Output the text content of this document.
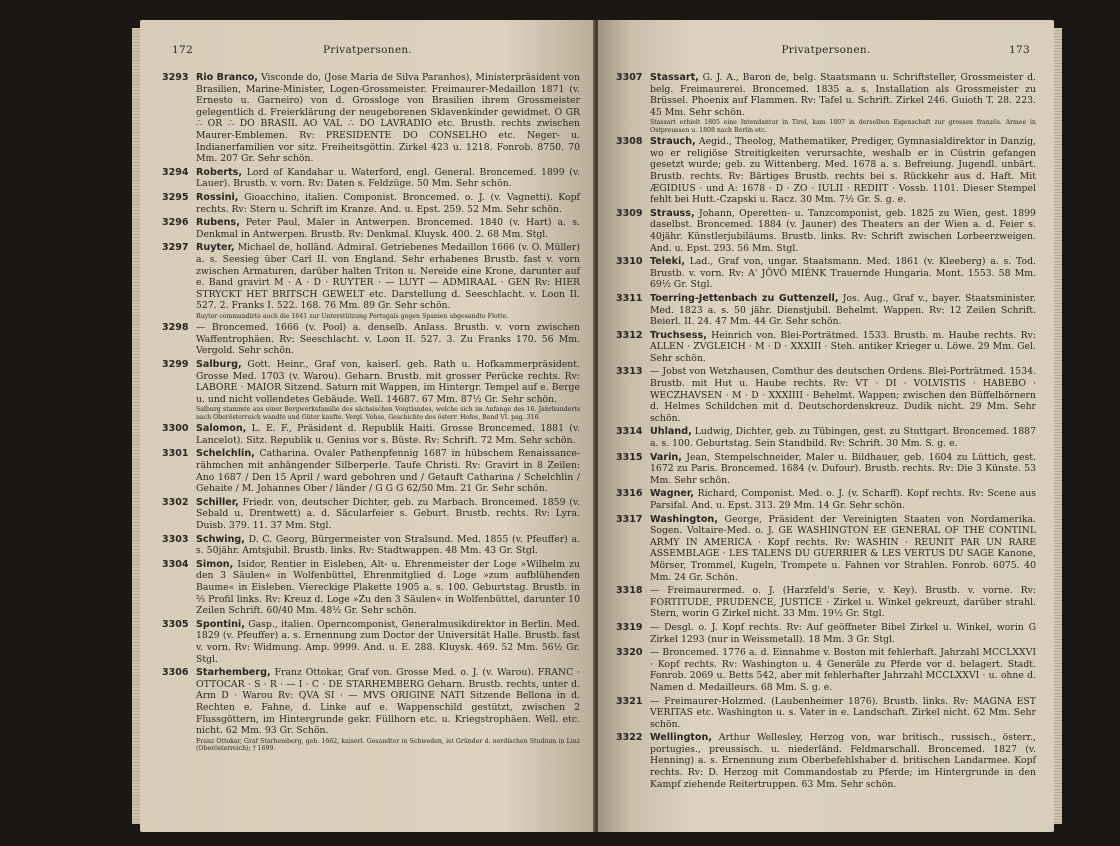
172	Privatpersonen.
3293 Rio Branco, Visconde do, (Jose Maria de Silva Paranhos), Ministerpräsident von Brasilien, Marine-Minister, Logen-Grossmeister. Freimaurer-Medaillon 1871 (v. Ernesto u. Garneiro) von d. Grossloge von Brasilien ihrem Grossmeister gelegentlich d. Freierklärung der neugeborenen Sklavenkinder gewidmet. O GR ∴ OR ∴ DO BRASIL AO VAL ∴ DO LAVRADIO etc. Brustb. rechts zwischen Maurer-Emblemen. Rv: PRESIDENTE DO CONSELHO etc. Neger- u. Indianerfamilien vor sitz. Freiheitsgöttin. Zirkel 423 u. 1218. Fonrob. 8750. 70 Mm. 207 Gr. Sehr schön.
3294 Roberts, Lord of Kandahar u. Waterford, engl. General. Broncemed. 1899 (v. Lauer). Brustb. v. vorn. Rv: Daten s. Feldzüge. 50 Mm. Sehr schön.
3295 Rossini, Gioacchino, italien. Componist. Broncemed. o. J. (v. Vagnetti). Kopf rechts. Rv: Stern u. Schrift im Kranze. And. u. Epst. 259. 52 Mm. Sehr schön.
3296 Rubens, Peter Paul, Maler in Antwerpen. Broncemed. 1840 (v. Hart) a. s. Denkmal in Antwerpen. Brustb. Rv: Denkmal. Kluysk. 400. 2. 68 Mm. Stgl.
3297 Ruyter, Michael de, holländ. Admiral. Getriebenes Medaillon 1666 (v. O. Müller) a. s. Seesieg über Carl II. von England. Sehr erhabenes Brustb. fast v. vorn zwischen Armaturen, darüber halten Triton u. Nereide eine Krone, darunter auf e. Band gravirt M · A · D · RUYTER · — LUYT — ADMIRAAL · GEN Rv: HIER STRYCKT HET BRITSCH GEWELT etc. Darstellung d. Seeschlacht. v. Loon II. 527. 2. Franks I. 522. 168. 76 Mm. 89 Gr. Sehr schön.
Ruyter commandirte auch die 1641 zur Unterstützung Portugals gegen Spanien abgesandte Flotte.
3298 — Broncemed. 1666 (v. Pool) a. denselb. Anlass. Brustb. v. vorn zwischen Waffentrophäen. Rv: Seeschlacht. v. Loon II. 527. 3. Zu Franks 170. 56 Mm. Vergold. Sehr schön.
3299 Salburg, Gott. Heinr., Graf von, kaiserl. geh. Rath u. Hofkammerpräsident. Grosse Med. 1703 (v. Warou). Geharn. Brustb. mit grosser Perücke rechts. Rv: LABORE · MAIOR Sitzend. Saturn mit Wappen, im Hintergr. Tempel auf e. Berge u. und nicht vollendetes Gebäude. Well. 14687. 67 Mm. 87½ Gr. Sehr schön.
Salburg stammte aus einer Bergwerksfamilie des sächsischen Voigtlandes, welche sich im Anfange des 16. Jahrhunderts nach Oberösterreich wandte und Güter kaufte. Vergl. Vehse, Geschichte des österr. Hofes, Band VI. pag. 316.
3300 Salomon, L. E. F., Präsident d. Republik Haiti. Grosse Broncemed. 1881 (v. Lancelot). Sitz. Republik u. Genius vor s. Büste. Rv: Schrift. 72 Mm. Sehr schön.
3301 Schelchlin, Catharina. Ovaler Pathenpfennig 1687 in hübschem Renaissance-rähmchen mit anhängender Silberperle. Taufe Christi. Rv: Gravirt in 8 Zeilen: Ano 1687 / Den 15 April / ward gebohren und / Getauft Catharina / Schelchlin / Gehaite / M. Johannes Ober / länder / G G G 62/50 Mm. 21 Gr. Sehr schön.
3302 Schiller, Friedr. von, deutscher Dichter, geb. zu Marbach. Broncemed. 1859 (v. Sebald u. Drentwett) a. d. Säcularfeier s. Geburt. Brustb. rechts. Rv: Lyra. Duisb. 379. 11. 37 Mm. Stgl.
3303 Schwing, D. C. Georg, Bürgermeister von Stralsund. Med. 1855 (v. Pfeuffer) a. s. 50jähr. Amtsjubil. Brustb. links. Rv: Stadtwappen. 48 Mm. 43 Gr. Stgl.
3304 Simon, Isidor, Rentier in Eisleben, Alt- u. Ehrenmeister der Loge »Wilhelm zu den 3 Säulen« in Wolfenbüttel, Ehrenmitglied d. Loge »zum aufblühenden Baume« in Eisleben. Viereckige Plakette 1905 a. s. 100. Geburtstag. Brustb. in ⅔ Profil links. Rv: Kreuz d. Loge »Zu den 3 Säulen« in Wolfenbüttel, darunter 10 Zeilen Schrift. 60/40 Mm. 48½ Gr. Sehr schön.
3305 Spontini, Gasp., italien. Operncomponist, Generalmusikdirektor in Berlin. Med. 1829 (v. Pfeuffer) a. s. Ernennung zum Doctor der Universität Halle. Brustb. fast v. vorn. Rv: Widmung. Amp. 9999. And. u. E. 288. Kluysk. 469. 52 Mm. 56½ Gr. Stgl.
3306 Starhemberg, Franz Ottokar, Graf von. Grosse Med. o. J. (v. Warou). FRANC · OTTOCAR · S · R · — I · C · DE STARHEMBERG Geharn. Brustb. rechts, unter d. Arm D · Warou Rv: QVA SI · — MVS ORIGINE NATI Sitzende Bellona in d. Rechten e. Fahne, d. Linke auf e. Wappenschild gestützt, zwischen 2 Flussgöttern, im Hintergrunde gekr. Füllhorn etc. u. Kriegstrophäen. Well. etc. nicht. 62 Mm. 93 Gr. Schön.
Franz Ottokar, Graf Starhemberg, geb. 1662, kaiserl. Gesandter in Schweden, ist Gründer d. nordischen Studium in Linz (Oberösterreich); † 1699.
Privatpersonen.	173
3307 Stassart, G. J. A., Baron de, belg. Staatsmann u. Schriftsteller, Grossmeister d. belg. Freimaurerei. Broncemed. 1835 a. s. Installation als Grossmeister zu Brüssel. Phoenix auf Flammen. Rv: Tafel u. Schrift. Zirkel 246. Guioth T. 28. 223. 45 Mm. Sehr schön.
Stassart erhielt 1805 eine Intendantur in Tirol, kam 1807 in derselben Eigenschaft zur grossen französ. Armee in Ostpreussen u. 1808 nach Berlin etc.
3308 Strauch, Aegid., Theolog, Mathematiker, Prediger, Gymnasialdirektor in Danzig, wo er religiöse Streitigkeiten verursachte, weshalb er in Cüstrin gefangen gesetzt wurde; geb. zu Wittenberg. Med. 1678 a. s. Befreiung. Jugendl. unbärt. Brustb. rechts. Rv: Bärtiges Brustb. rechts bei s. Rückkehr aus d. Haft. Mit ÆGIDIUS · und A: 1678 · D · ZO · IULII · REDIIT · Vossb. 1101. Dieser Stempel fehlt bei Hutt.-Czapski u. Racz. 30 Mm. 7½ Gr. S. g. e.
3309 Strauss, Johann, Operetten- u. Tanzcomponist, geb. 1825 zu Wien, gest. 1899 daselbst. Broncemed. 1884 (v. Jauner) des Theaters an der Wien a. d. Feier s. 40jähr. Künstlerjubiläums. Brustb. links. Rv: Schrift zwischen Lorbeerzweigen. And. u. Epst. 293. 56 Mm. Stgl.
3310 Teleki, Lad., Graf von, ungar. Staatsmann. Med. 1861 (v. Kleeberg) a. s. Tod. Brustb. v. vorn. Rv: A' JÖVÖ MIÉNK Trauernde Hungaria. Mont. 1553. 58 Mm. 69½ Gr. Stgl.
3311 Toerring-Jettenbach zu Guttenzell, Jos. Aug., Graf v., bayer. Staatsminister. Med. 1823 a. s. 50 jähr. Dienstjubil. Behelmt. Wappen. Rv: 12 Zeilen Schrift. Beierl. II. 24. 47 Mm. 44 Gr. Sehr schön.
3312 Truchsess, Heinrich von. Blei-Porträtmed. 1533. Brustb. m. Haube rechts. Rv: ALLEN · ZVGLEICH · M · D · XXXIII · Steh. antiker Krieger u. Löwe. 29 Mm. Gel. Sehr schön.
3313 — Jobst von Wetzhausen, Comthur des deutschen Ordens. Blei-Porträtmed. 1534. Brustb. mit Hut u. Haube rechts. Rv: VT · DI · VOLVISTIS · HABEBO · WECZHAVSEN · M · D · XXXIIII · Behelmt. Wappen; zwischen den Büffelhörnern d. Helmes Schildchen mit d. Deutschordenskreuz. Dudik nicht. 29 Mm. Sehr schön.
3314 Uhland, Ludwig, Dichter, geb. zu Tübingen, gest. zu Stuttgart. Broncemed. 1887 a. s. 100. Geburtstag. Sein Standbild. Rv: Schrift. 30 Mm. S. g. e.
3315 Varin, Jean, Stempelschneider, Maler u. Bildhauer, geb. 1604 zu Lüttich, gest. 1672 zu Paris. Broncemed. 1684 (v. Dufour). Brustb. rechts. Rv: Die 3 Künste. 53 Mm. Sehr schön.
3316 Wagner, Richard, Componist. Med. o. J. (v. Scharff). Kopf rechts. Rv: Scene aus Parsifal. And. u. Epst. 313. 29 Mm. 14 Gr. Sehr schön.
3317 Washington, George, Präsident der Vereinigten Staaten von Nordamerika. Sogen. Voltaire-Med. o. J. GE WASHINGTON EE GENERAL OF THE CONTINL ARMY IN AMERICA · Kopf rechts. Rv: WASHIN · REUNIT PAR UN RARE ASSEMBLAGE · LES TALENS DU GUERRIER & LES VERTUS DU SAGE Kanone, Mörser, Trommel, Kugeln, Trompete u. Fahnen vor Strahlen. Fonrob. 6075. 40 Mm. 24 Gr. Schön.
3318 — Freimaurermed. o. J. (Harzfeld's Serie, v. Key). Brustb. v. vorne. Rv: FORTITUDE, PRUDENCE, JUSTICE · Zirkel u. Winkel gekreuzt, darüber strahl. Stern, worin G Zirkel nicht. 33 Mm. 19½ Gr. Stgl.
3319 — Desgl. o. J. Kopf rechts. Rv: Auf geöffneter Bibel Zirkel u. Winkel, worin G Zirkel 1293 (nur in Weissmetall). 18 Mm. 3 Gr. Stgl.
3320 — Broncemed. 1776 a. d. Einnahme v. Boston mit fehlerhaft. Jahrzahl MCCLXXVI · Kopf rechts. Rv: Washington u. 4 Generäle zu Pferde vor d. belagert. Stadt. Fonrob. 2069 u. Betts 542, aber mit fehlerhafter Jahrzahl MCCLXXVI · u. ohne d. Namen d. Medailleurs. 68 Mm. S. g. e.
3321 — Freimaurer-Holzmed. (Laubenheimer 1876). Brustb. links. Rv: MAGNA EST VERITAS etc. Washington u. s. Vater in e. Landschaft. Zirkel nicht. 62 Mm. Sehr schön.
3322 Wellington, Arthur Wellesley, Herzog von, war britisch., russisch., österr., portugies., preussisch. u. niederländ. Feldmarschall. Broncemed. 1827 (v. Henning) a. s. Ernennung zum Oberbefehlshaber d. britischen Landarmee. Kopf rechts. Rv: D. Herzog mit Commandostab zu Pferde; im Hintergrunde in den Kampf ziehende Reitertruppen. 63 Mm. Sehr schön.
